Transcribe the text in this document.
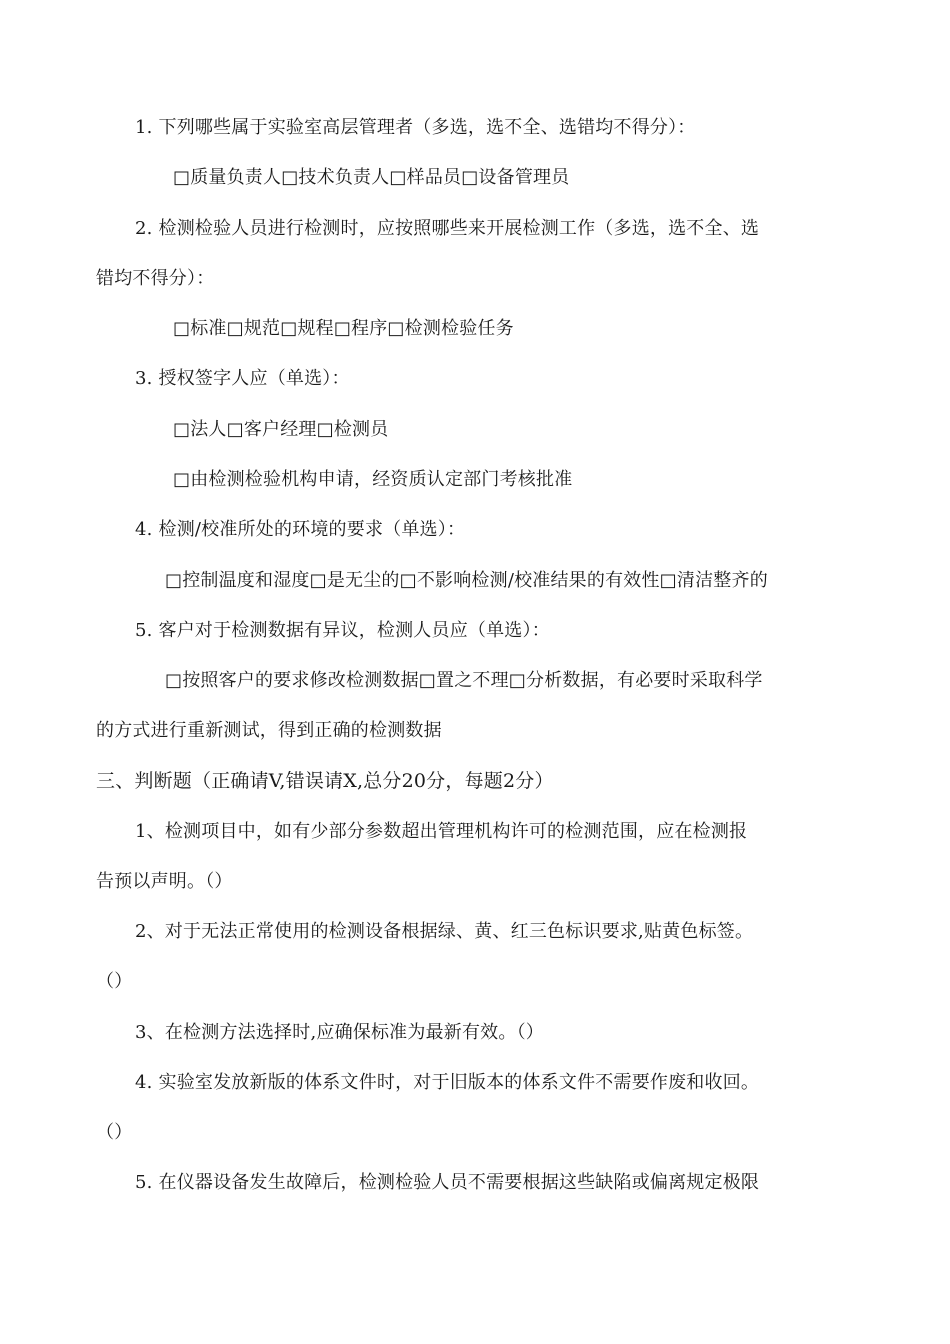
1. 下列哪些属于实验室高层管理者（多选，选不全、选错均不得分）：
□质量负责人□技术负责人□样品员□设备管理员
2. 检测检验人员进行检测时，应按照哪些来开展检测工作（多选，选不全、选
错均不得分）：
□标准□规范□规程□程序□检测检验任务
3. 授权签字人应（单选）：
□法人□客户经理□检测员
□由检测检验机构申请，经资质认定部门考核批准
4. 检测/校准所处的环境的要求（单选）：
□控制温度和湿度□是无尘的□不影响检测/校准结果的有效性□清洁整齐的
5. 客户对于检测数据有异议，检测人员应（单选）：
□按照客户的要求修改检测数据□置之不理□分析数据，有必要时采取科学
的方式进行重新测试，得到正确的检测数据
三、判断题（正确请V,错误请X,总分20分，每题2分）
1、检测项目中，如有少部分参数超出管理机构许可的检测范围，应在检测报
告预以声明。（）
2、对于无法正常使用的检测设备根据绿、黄、红三色标识要求,贴黄色标签。
（）
3、在检测方法选择时,应确保标准为最新有效。（）
4. 实验室发放新版的体系文件时，对于旧版本的体系文件不需要作废和收回。
（）
5. 在仪器设备发生故障后，检测检验人员不需要根据这些缺陷或偏离规定极限
